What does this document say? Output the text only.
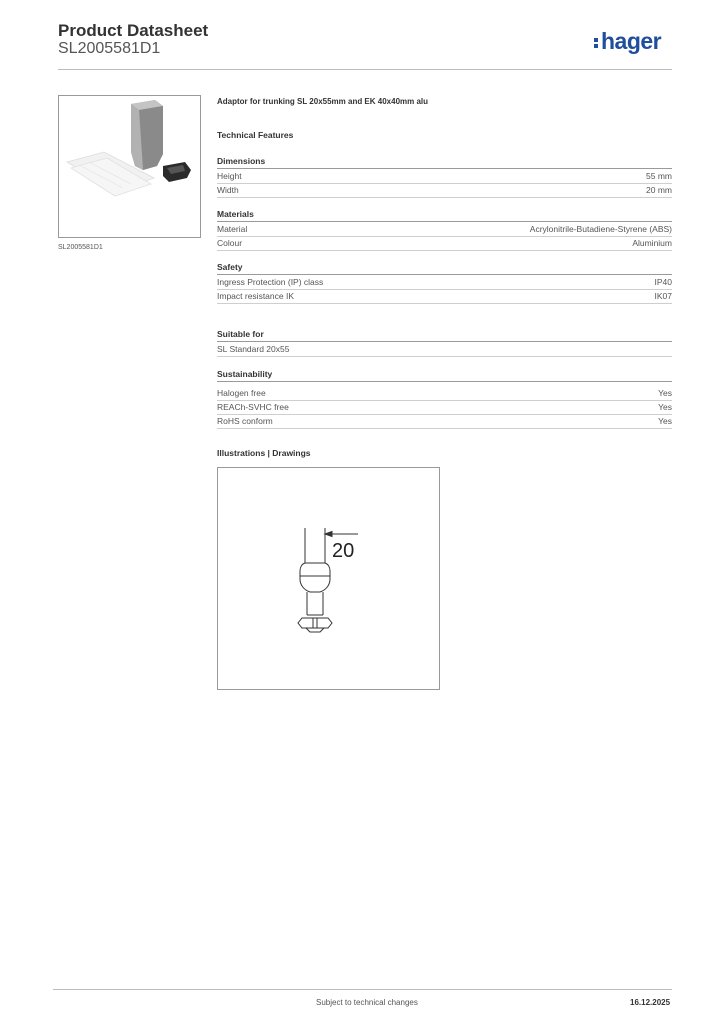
Product Datasheet
SL2005581D1	hager
SL2005581D1
Adaptor for trunking SL 20x55mm and EK 40x40mm alu
Technical Features
Dimensions
Height	55 mm
Width	20 mm
Materials
Material	Acrylonitrile-Butadiene-Styrene (ABS)
Colour	Aluminium
Safety
Ingress Protection (IP) class	IP40
Impact resistance IK	IK07
Suitable for
SL Standard 20x55
Sustainability
Halogen free	Yes
REACh-SVHC free	Yes
RoHS conform	Yes
Illustrations | Drawings
20
Subject to technical changes	16.12.2025
